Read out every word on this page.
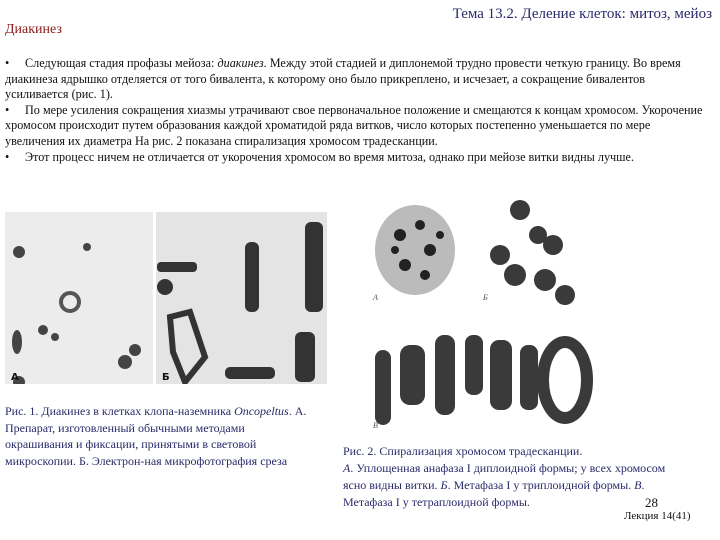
Диакинез
Тема 13.2. Деление клеток: митоз, мейоз

• Следующая стадия профазы мейоза: диакинез. Между этой стадией и диплонемой трудно провести четкую границу. Во время диакинеза ядрышко отделяется от того бивалента, к которому оно было прикреплено, и исчезает, а сокращение бивалентов усиливается (рис. 1).

• По мере усиления сокращения хиазмы утрачивают свое первоначальное положение и смещаются к концам хромосом. Укорочение хромосом происходит путем образования каждой хроматидой ряда витков, число которых постепенно уменьшается по мере увеличения их диаметра На рис. 2 показана спирализация хромосом традесканции.

• Этот процесс ничем не отличается от укорочения хромосом во время митоза, однако при мейозе витки видны лучше.

А	Б
А	Б
В
Рис. 1. Диакинез в клетках клопа-наземника Oncopeltus. А. Препарат, изготовленный обычными методами окрашивания и фиксации, принятыми в световой микроскопии. Б. Электрон-ная микрофотография среза
Рис. 2. Спирализация хромосом традесканции.
А. Уплощенная анафаза I диплоидной формы; у всех хромосом ясно видны витки. Б. Метафаза I у триплоидной формы. В. Метафаза I у тетраплоидной формы.	28
Лекция 14(41)
